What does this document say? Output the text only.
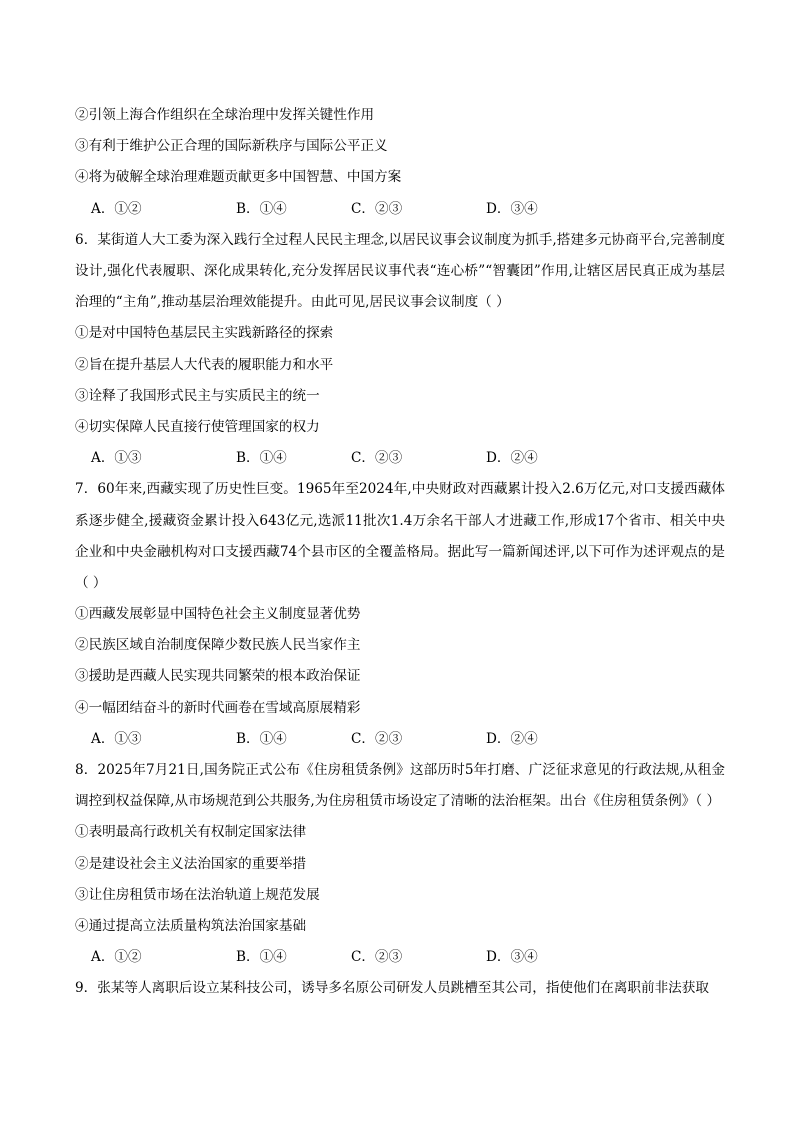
②引领上海合作组织在全球治理中发挥关键性作用
③有利于维护公正合理的国际新秩序与国际公平正义
④将为破解全球治理难题贡献更多中国智慧、中国方案
A．①②	B．①④	C．②③	D．③④
6．某街道人大工委为深入践行全过程人民民主理念,以居民议事会议制度为抓手,搭建多元协商平台,完善制度设计,强化代表履职、深化成果转化,充分发挥居民议事代表“连心桥”“智囊团”作用,让辖区居民真正成为基层治理的“主角”,推动基层治理效能提升。由此可见,居民议事会议制度（ ）
①是对中国特色基层民主实践新路径的探索
②旨在提升基层人大代表的履职能力和水平
③诠释了我国形式民主与实质民主的统一
④切实保障人民直接行使管理国家的权力
A．①③	B．①④	C．②③	D．②④
7．60年来,西藏实现了历史性巨变。1965年至2024年,中央财政对西藏累计投入2.6万亿元,对口支援西藏体系逐步健全,援藏资金累计投入643亿元,选派11批次1.4万余名干部人才进藏工作,形成17个省市、相关中央企业和中央金融机构对口支援西藏74个县市区的全覆盖格局。据此写一篇新闻述评,以下可作为述评观点的是（ ）
①西藏发展彰显中国特色社会主义制度显著优势
②民族区域自治制度保障少数民族人民当家作主
③援助是西藏人民实现共同繁荣的根本政治保证
④一幅团结奋斗的新时代画卷在雪域高原展精彩
A．①③	B．①④	C．②③	D．②④
8．2025年7月21日,国务院正式公布《住房租赁条例》这部历时5年打磨、广泛征求意见的行政法规,从租金调控到权益保障,从市场规范到公共服务,为住房租赁市场设定了清晰的法治框架。出台《住房租赁条例》（ ）
①表明最高行政机关有权制定国家法律
②是建设社会主义法治国家的重要举措
③让住房租赁市场在法治轨道上规范发展
④通过提高立法质量构筑法治国家基础
A．①②	B．①④	C．②③	D．③④
9．张某等人离职后设立某科技公司，诱导多名原公司研发人员跳槽至其公司，指使他们在离职前非法获取
